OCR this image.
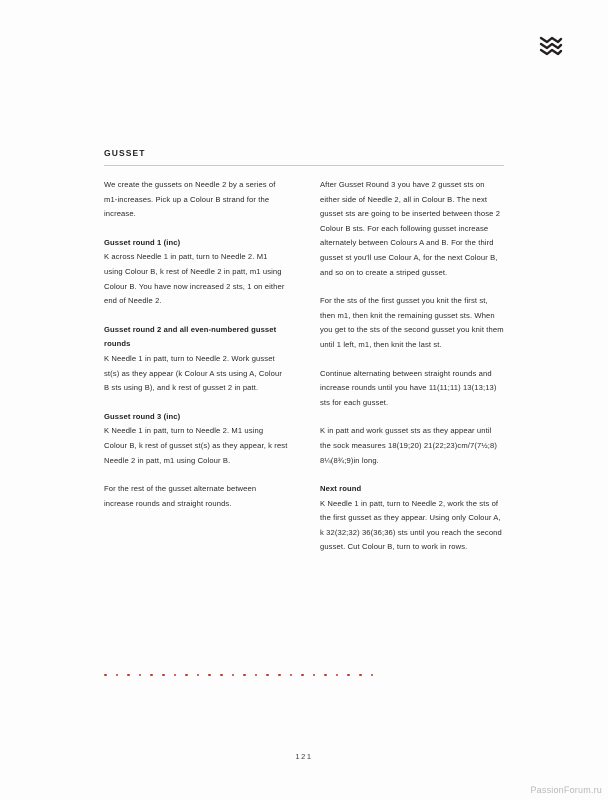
GUSSET

We create the gussets on Needle 2 by a series of m1-increases. Pick up a Colour B strand for the increase.

Gusset round 1 (inc)

K across Needle 1 in patt, turn to Needle 2. M1 using Colour B, k rest of Needle 2 in patt, m1 using Colour B. You have now increased 2 sts, 1 on either end of Needle 2.

Gusset round 2 and all even-numbered gusset rounds

K Needle 1 in patt, turn to Needle 2. Work gusset st(s) as they appear (k Colour A sts using A, Colour B sts using B), and k rest of gusset 2 in patt.

Gusset round 3 (inc)

K Needle 1 in patt, turn to Needle 2. M1 using Colour B, k rest of gusset st(s) as they appear, k rest Needle 2 in patt, m1 using Colour B.

For the rest of the gusset alternate between increase rounds and straight rounds.

After Gusset Round 3 you have 2 gusset sts on either side of Needle 2, all in Colour B. The next gusset sts are going to be inserted between those 2 Colour B sts. For each following gusset increase alternately between Colours A and B. For the third gusset st you'll use Colour A, for the next Colour B, and so on to create a striped gusset.

For the sts of the first gusset you knit the first st, then m1, then knit the remaining gusset sts. When you get to the sts of the second gusset you knit them until 1 left, m1, then knit the last st.

Continue alternating between straight rounds and increase rounds until you have 11(11;11) 13(13;13) sts for each gusset.

K in patt and work gusset sts as they appear until the sock measures 18(19;20) 21(22;23)cm/7(7½;8) 8¼(8¾;9)in long.

Next round

K Needle 1 in patt, turn to Needle 2, work the sts of the first gusset as they appear. Using only Colour A, k 32(32;32) 36(36;36) sts until you reach the second gusset. Cut Colour B, turn to work in rows.

121
PassionForum.ru
